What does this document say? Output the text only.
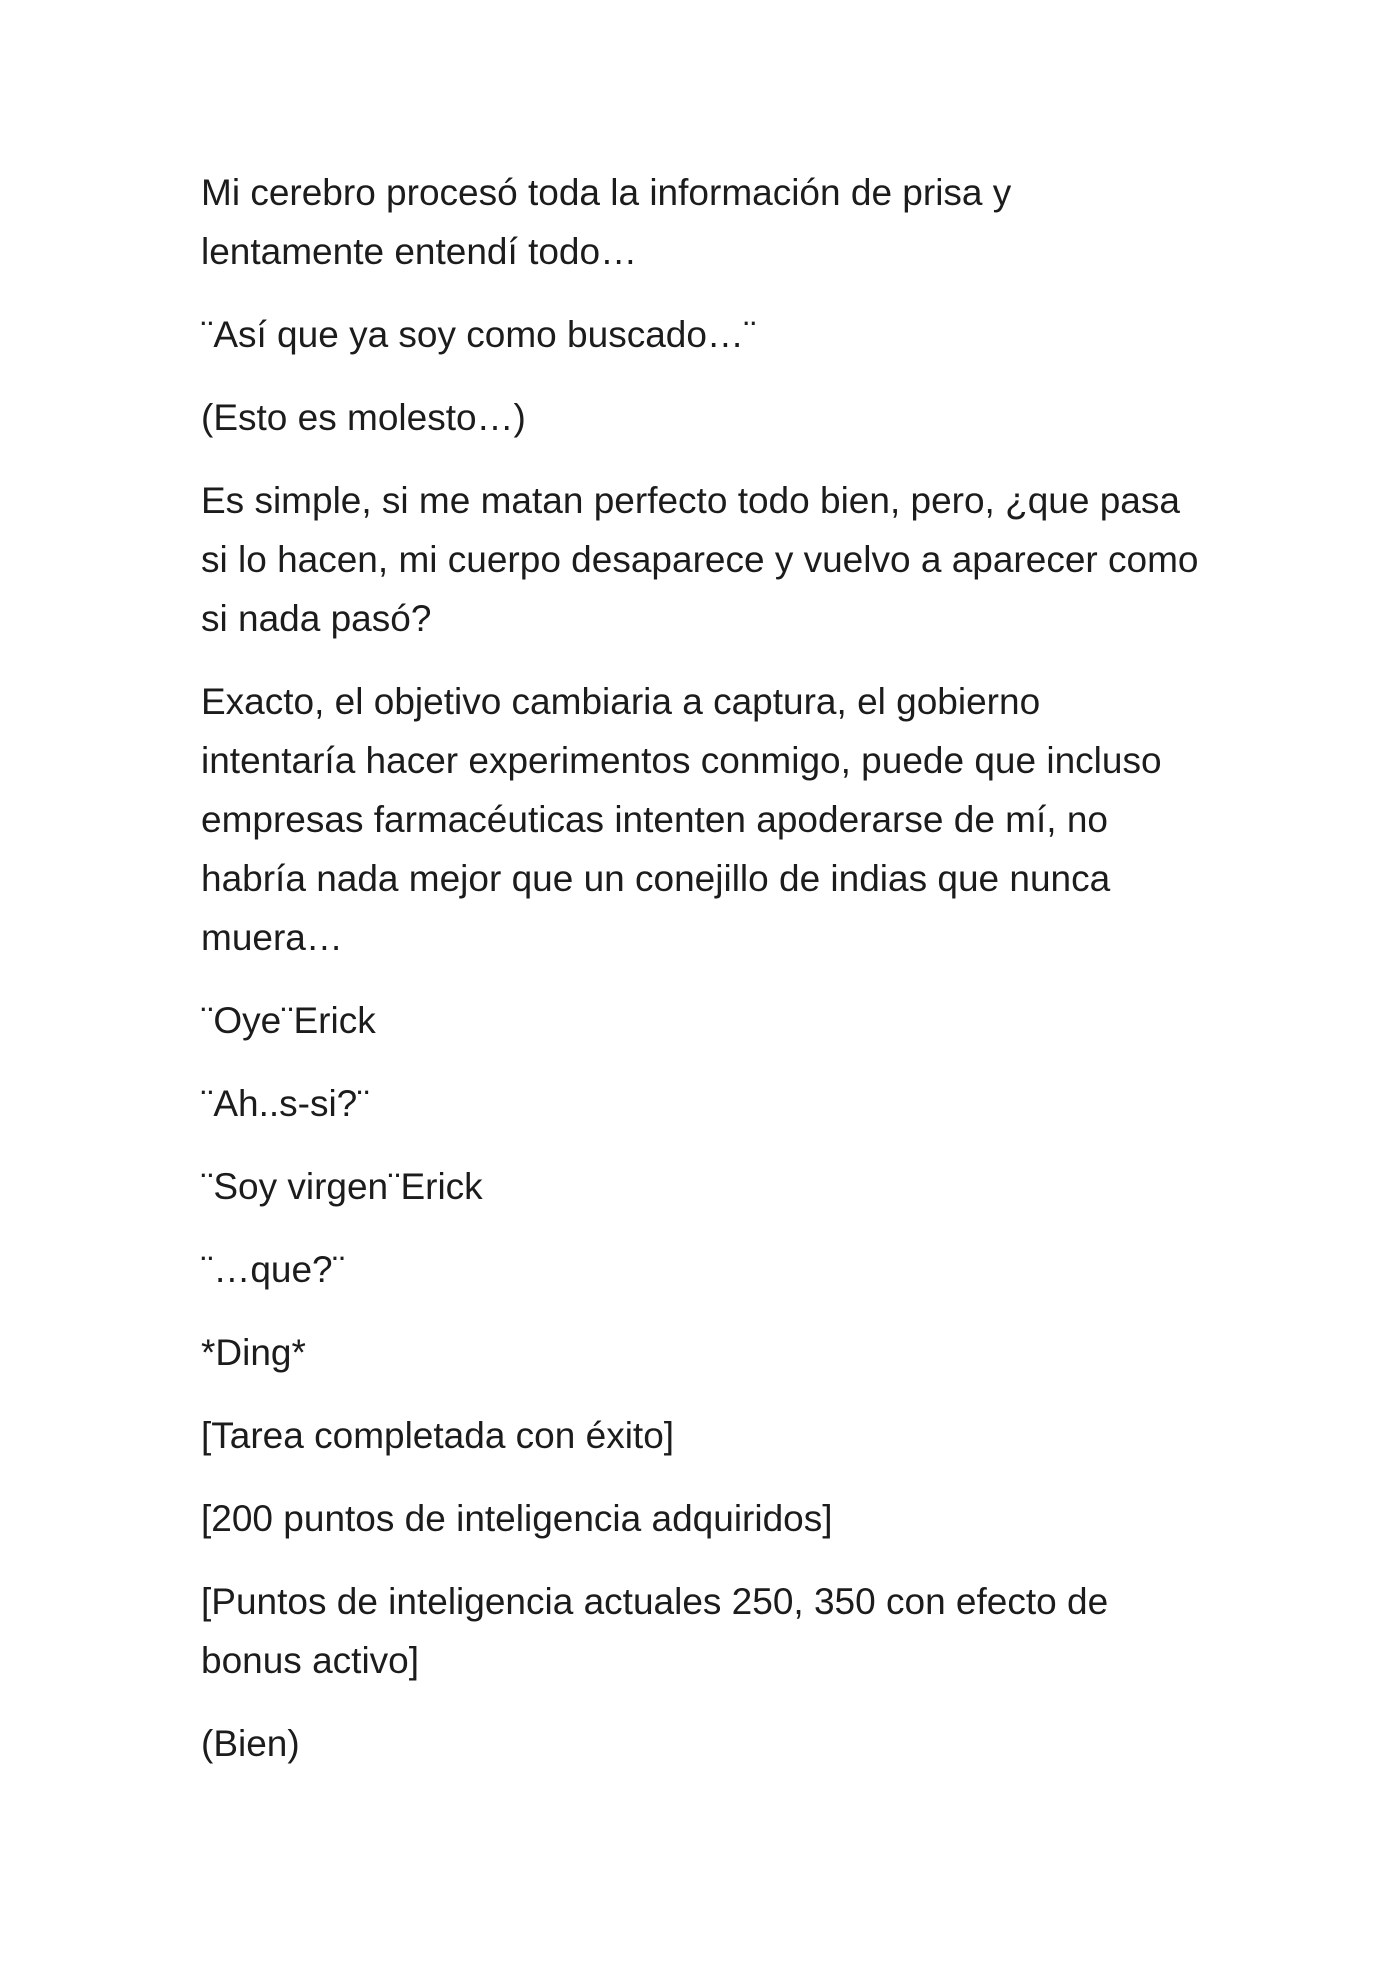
Mi cerebro procesó toda la información de prisa y lentamente entendí todo…

¨Así que ya soy como buscado…¨

(Esto es molesto…)

Es simple, si me matan perfecto todo bien, pero, ¿que pasa si lo hacen, mi cuerpo desaparece y vuelvo a aparecer como si nada pasó?

Exacto, el objetivo cambiaria a captura, el gobierno intentaría hacer experimentos conmigo, puede que incluso empresas farmacéuticas intenten apoderarse de mí, no habría nada mejor que un conejillo de indias que nunca muera…

¨Oye¨Erick

¨Ah..s-si?¨

¨Soy virgen¨Erick

¨…que?¨

*Ding*

[Tarea completada con éxito]

[200 puntos de inteligencia adquiridos]

[Puntos de inteligencia actuales 250, 350 con efecto de bonus activo]

(Bien)
